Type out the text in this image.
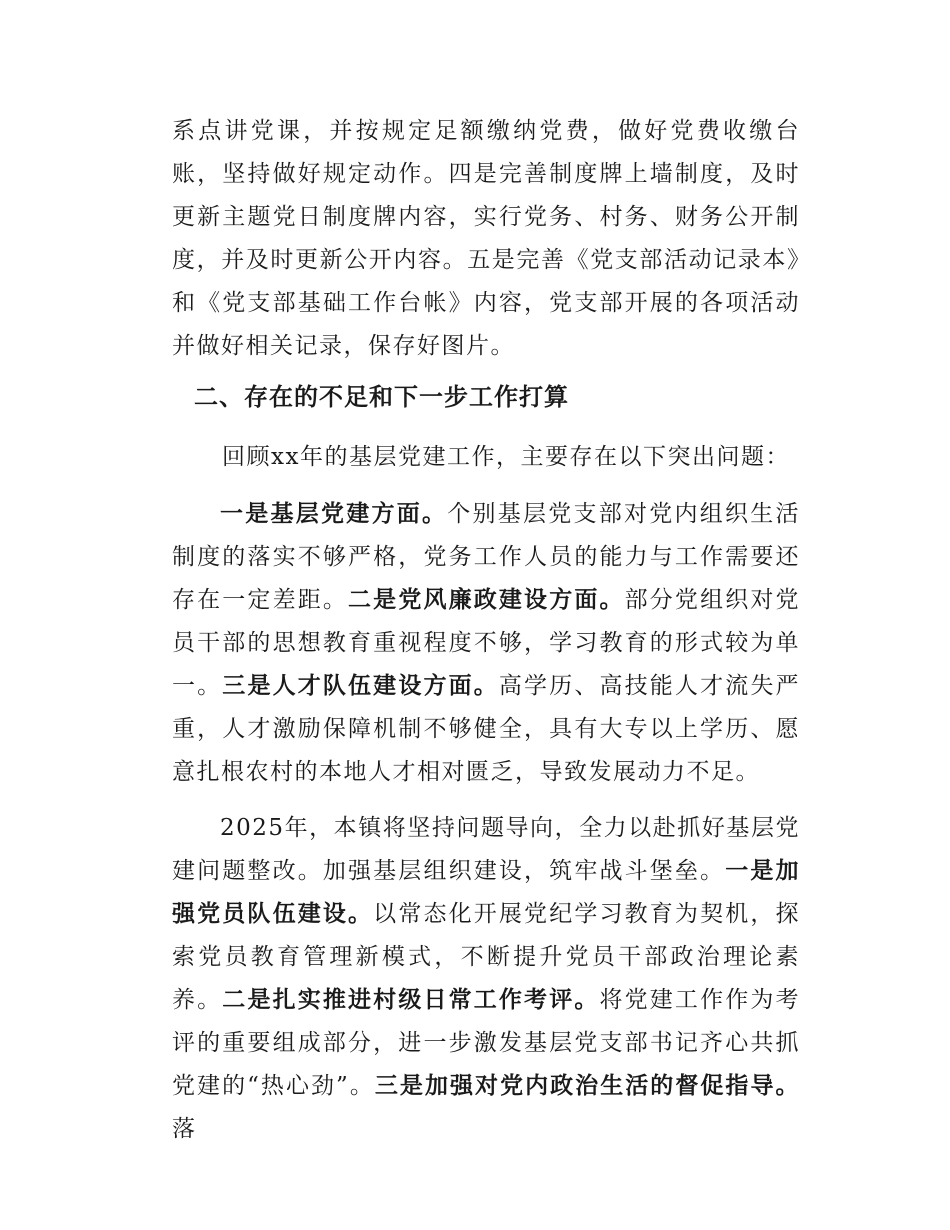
系点讲党课，并按规定足额缴纳党费，做好党费收缴台账，坚持做好规定动作。四是完善制度牌上墙制度，及时更新主题党日制度牌内容，实行党务、村务、财务公开制度，并及时更新公开内容。五是完善《党支部活动记录本》和《党支部基础工作台帐》内容，党支部开展的各项活动并做好相关记录，保存好图片。

二、存在的不足和下一步工作打算

回顾xx年的基层党建工作，主要存在以下突出问题：

一是基层党建方面。个别基层党支部对党内组织生活制度的落实不够严格，党务工作人员的能力与工作需要还存在一定差距。二是党风廉政建设方面。部分党组织对党员干部的思想教育重视程度不够，学习教育的形式较为单一。三是人才队伍建设方面。高学历、高技能人才流失严重，人才激励保障机制不够健全，具有大专以上学历、愿意扎根农村的本地人才相对匮乏，导致发展动力不足。

2025年，本镇将坚持问题导向，全力以赴抓好基层党建问题整改。加强基层组织建设，筑牢战斗堡垒。一是加强党员队伍建设。以常态化开展党纪学习教育为契机，探索党员教育管理新模式，不断提升党员干部政治理论素养。二是扎实推进村级日常工作考评。将党建工作作为考评的重要组成部分，进一步激发基层党支部书记齐心共抓党建的“热心劲”。三是加强对党内政治生活的督促指导。落
